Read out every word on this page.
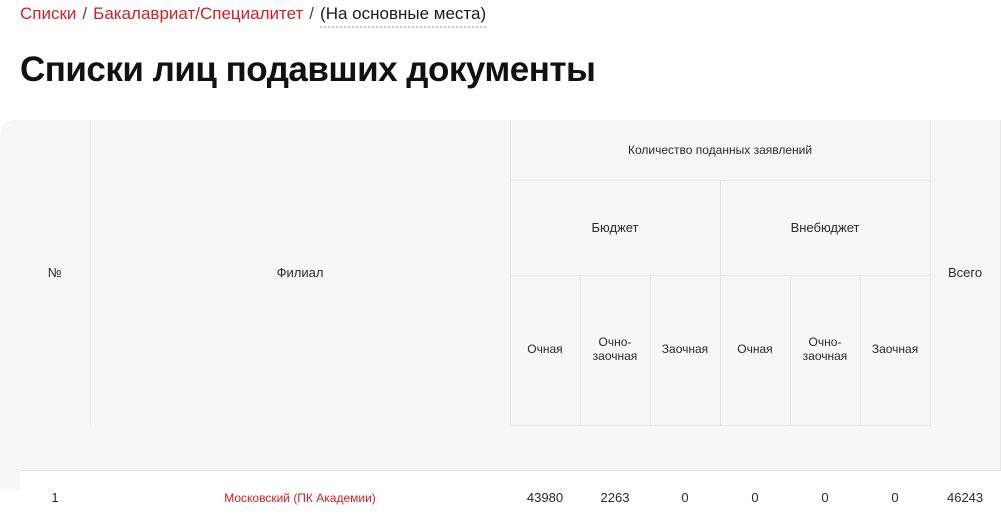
Списки / Бакалавриат/Специалитет / (На основные места)
Списки лиц подавших документы
№	Филиал	Количество поданных заявлений						Всего
		Бюджет			Внебюджет			
		Очная	Очно-заочная	Заочная	Очная	Очно-заочная	Заочная	

1	Московский (ПК Академии)	43980	2263	0	0	0	0	46243
